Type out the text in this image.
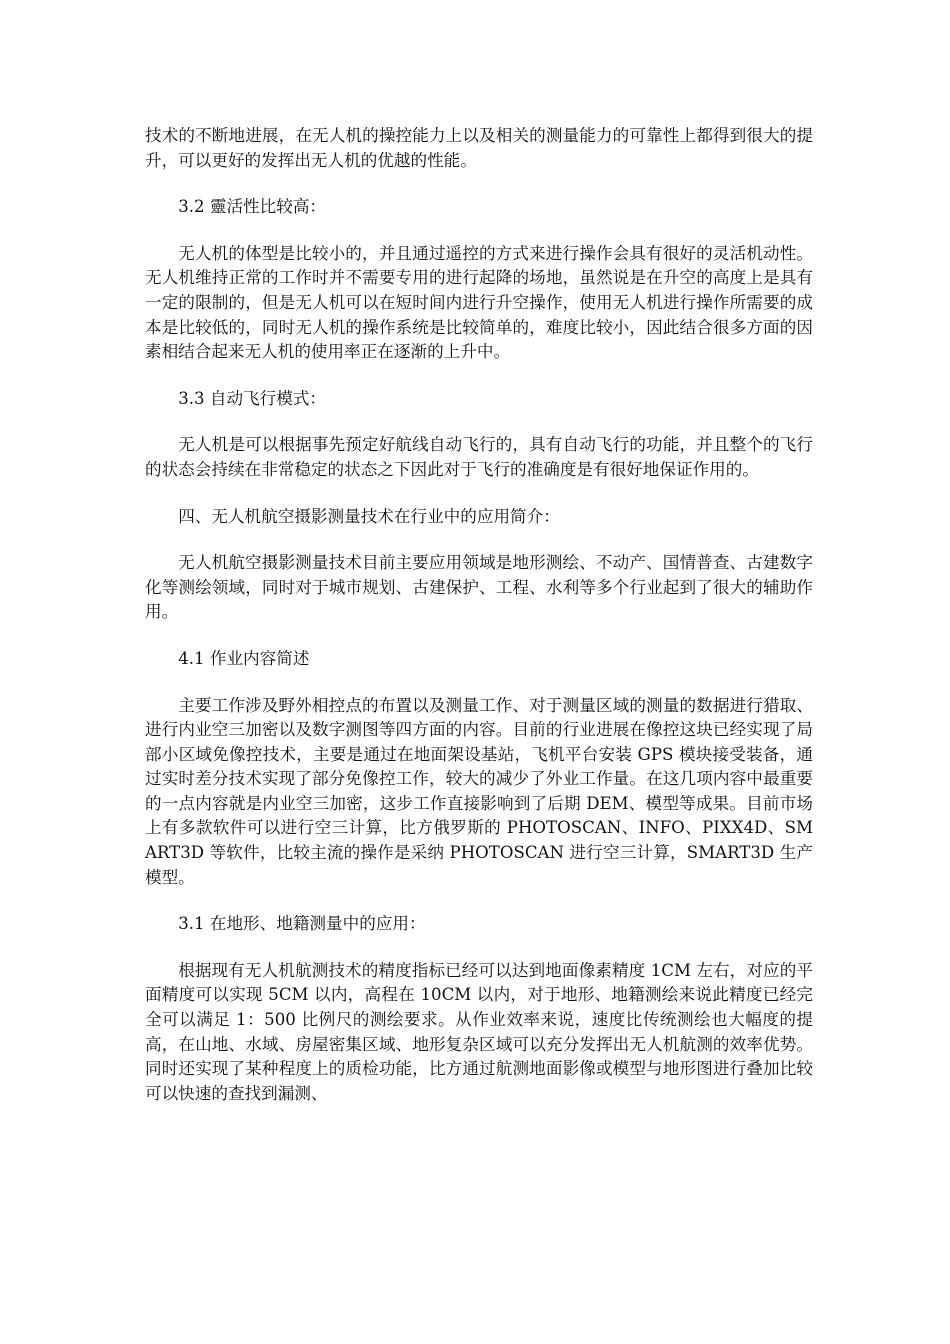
技术的不断地进展，在无人机的操控能力上以及相关的测量能力的可靠性上都得到很大的提升，可以更好的发挥出无人机的优越的性能。

3.2 靈活性比较高：

无人机的体型是比较小的，并且通过遥控的方式来进行操作会具有很好的灵活机动性。无人机维持正常的工作时并不需要专用的进行起降的场地，虽然说是在升空的高度上是具有一定的限制的，但是无人机可以在短时间内进行升空操作，使用无人机进行操作所需要的成本是比较低的，同时无人机的操作系统是比较简单的，难度比较小，因此结合很多方面的因素相结合起来无人机的使用率正在逐渐的上升中。

3.3 自动飞行模式：

无人机是可以根据事先预定好航线自动飞行的，具有自动飞行的功能，并且整个的飞行的状态会持续在非常稳定的状态之下因此对于飞行的准确度是有很好地保证作用的。

四、无人机航空摄影测量技术在行业中的应用简介：

无人机航空摄影测量技术目前主要应用领域是地形测绘、不动产、国情普查、古建数字化等测绘领域，同时对于城市规划、古建保护、工程、水利等多个行业起到了很大的辅助作用。

4.1 作业内容简述

主要工作涉及野外相控点的布置以及测量工作、对于测量区域的测量的数据进行猎取、进行内业空三加密以及数字测图等四方面的内容。目前的行业进展在像控这块已经实现了局部小区域免像控技术，主要是通过在地面架设基站，飞机平台安装 GPS 模块接受装备，通过实时差分技术实现了部分免像控工作，较大的减少了外业工作量。在这几项内容中最重要的一点内容就是内业空三加密，这步工作直接影响到了后期 DEM、模型等成果。目前市场上有多款软件可以进行空三计算，比方俄罗斯的 PHOTOSCAN、INFO、PIXX4D、SMART3D 等软件，比较主流的操作是采纳 PHOTOSCAN 进行空三计算，SMART3D 生产模型。

3.1 在地形、地籍测量中的应用：

根据现有无人机航测技术的精度指标已经可以达到地面像素精度 1CM 左右，对应的平面精度可以实现 5CM 以内，高程在 10CM 以内，对于地形、地籍测绘来说此精度已经完全可以满足 1：500 比例尺的测绘要求。从作业效率来说，速度比传统测绘也大幅度的提高，在山地、水域、房屋密集区域、地形复杂区域可以充分发挥出无人机航测的效率优势。同时还实现了某种程度上的质检功能，比方通过航测地面影像或模型与地形图进行叠加比较可以快速的查找到漏测、
